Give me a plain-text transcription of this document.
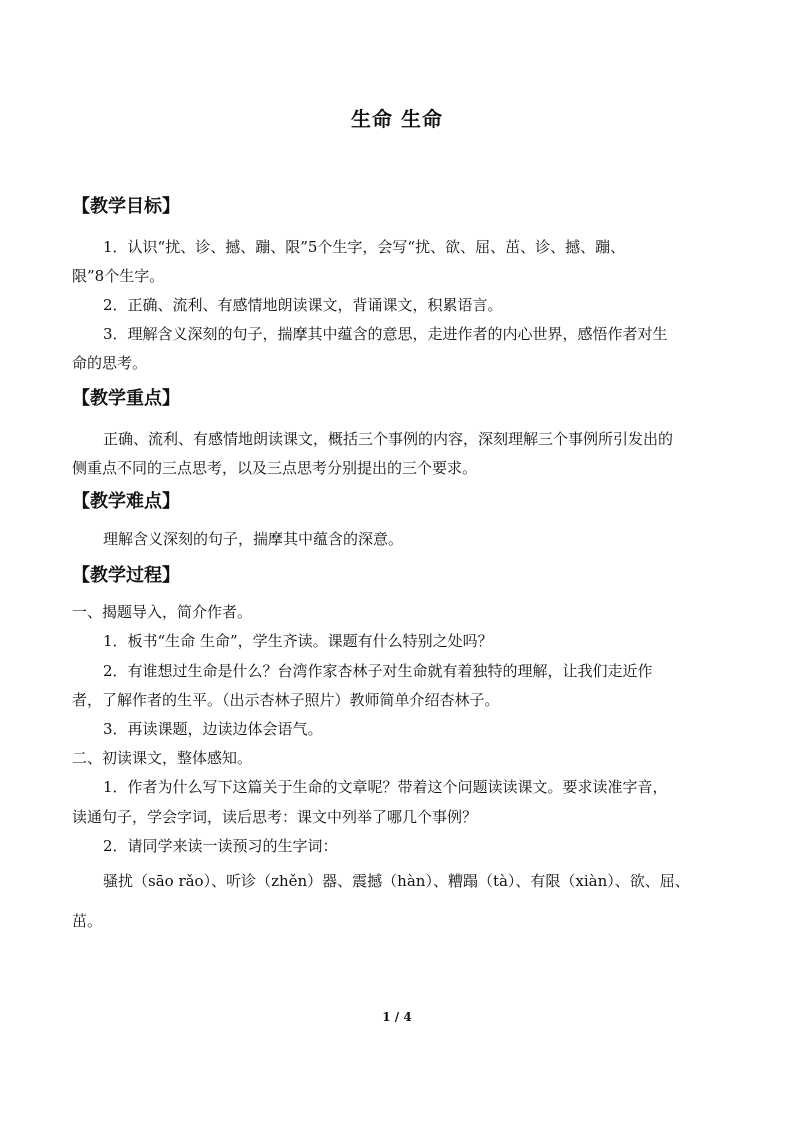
生命 生命
【教学目标】
1．认识“扰、诊、撼、蹦、限”5个生字，会写“扰、欲、屈、茁、诊、撼、蹦、
限”8个生字。
2．正确、流利、有感情地朗读课文，背诵课文，积累语言。
3．理解含义深刻的句子，揣摩其中蕴含的意思，走进作者的内心世界，感悟作者对生
命的思考。
【教学重点】
正确、流利、有感情地朗读课文，概括三个事例的内容，深刻理解三个事例所引发出的
侧重点不同的三点思考，以及三点思考分别提出的三个要求。
【教学难点】
理解含义深刻的句子，揣摩其中蕴含的深意。
【教学过程】
一、揭题导入，简介作者。
1．板书“生命 生命”，学生齐读。课题有什么特别之处吗？
2．有谁想过生命是什么？台湾作家杏林子对生命就有着独特的理解，让我们走近作
者，了解作者的生平。（出示杏林子照片）教师简单介绍杏林子。
3．再读课题，边读边体会语气。
二、初读课文，整体感知。
1．作者为什么写下这篇关于生命的文章呢？带着这个问题读读课文。要求读准字音，
读通句子，学会字词，读后思考：课文中列举了哪几个事例？
2．请同学来读一读预习的生字词：
骚扰（sāo rǎo）、听诊（zhěn）器、震撼（hàn）、糟蹋（tà）、有限（xiàn）、欲、屈、
茁。
1 / 4
